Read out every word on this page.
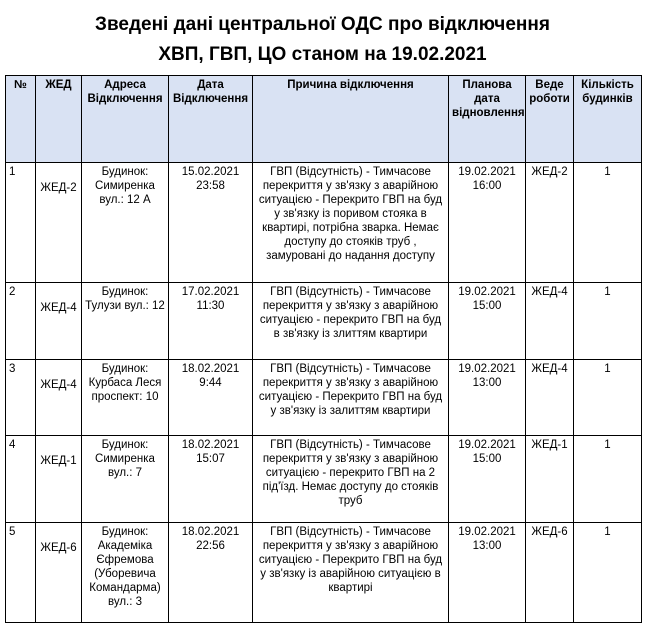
Зведені дані центральної ОДС про відключення
ХВП, ГВП, ЦО станом на 19.02.2021
№	ЖЕД	Адреса Відключення	Дата Відключення	Причина відключення	Планова дата відновлення	Веде роботи	Кількість будинків
1	ЖЕД-2	Будинок: Симиренка вул.: 12 А	15.02.2021 23:58	ГВП (Відсутність) - Тимчасове перекриття у зв'язку з аварійною ситуацією - Перекрито ГВП на буд у зв'язку із поривом стояка в квартирі, потрібна зварка. Немає доступу до стояків труб , замуровані до надання доступу	19.02.2021 16:00	ЖЕД-2	1
2	ЖЕД-4	Будинок: Тулузи вул.: 12	17.02.2021 11:30	ГВП (Відсутність) - Тимчасове перекриття у зв'язку з аварійною ситуацією - перекрито ГВП на буд в зв'язку із злиттям квартири	19.02.2021 15:00	ЖЕД-4	1
3	ЖЕД-4	Будинок: Курбаса Леся проспект: 10	18.02.2021 9:44	ГВП (Відсутність) - Тимчасове перекриття у зв'язку з аварійною ситуацією - Перекрито ГВП на буд у зв'язку із залиттям квартири	19.02.2021 13:00	ЖЕД-4	1
4	ЖЕД-1	Будинок: Симиренка вул.: 7	18.02.2021 15:07	ГВП (Відсутність) - Тимчасове перекриття у зв'язку з аварійною ситуацією - перекрито ГВП на 2 під'їзд. Немає доступу до стояків труб	19.02.2021 15:00	ЖЕД-1	1
5	ЖЕД-6	Будинок: Академіка Єфремова (Уборевича Командарма) вул.: 3	18.02.2021 22:56	ГВП (Відсутність) - Тимчасове перекриття у зв'язку з аварійною ситуацією - Перекрито ГВП на буд у зв'язку із аварійною ситуацією в квартирі	19.02.2021 13:00	ЖЕД-6	1
